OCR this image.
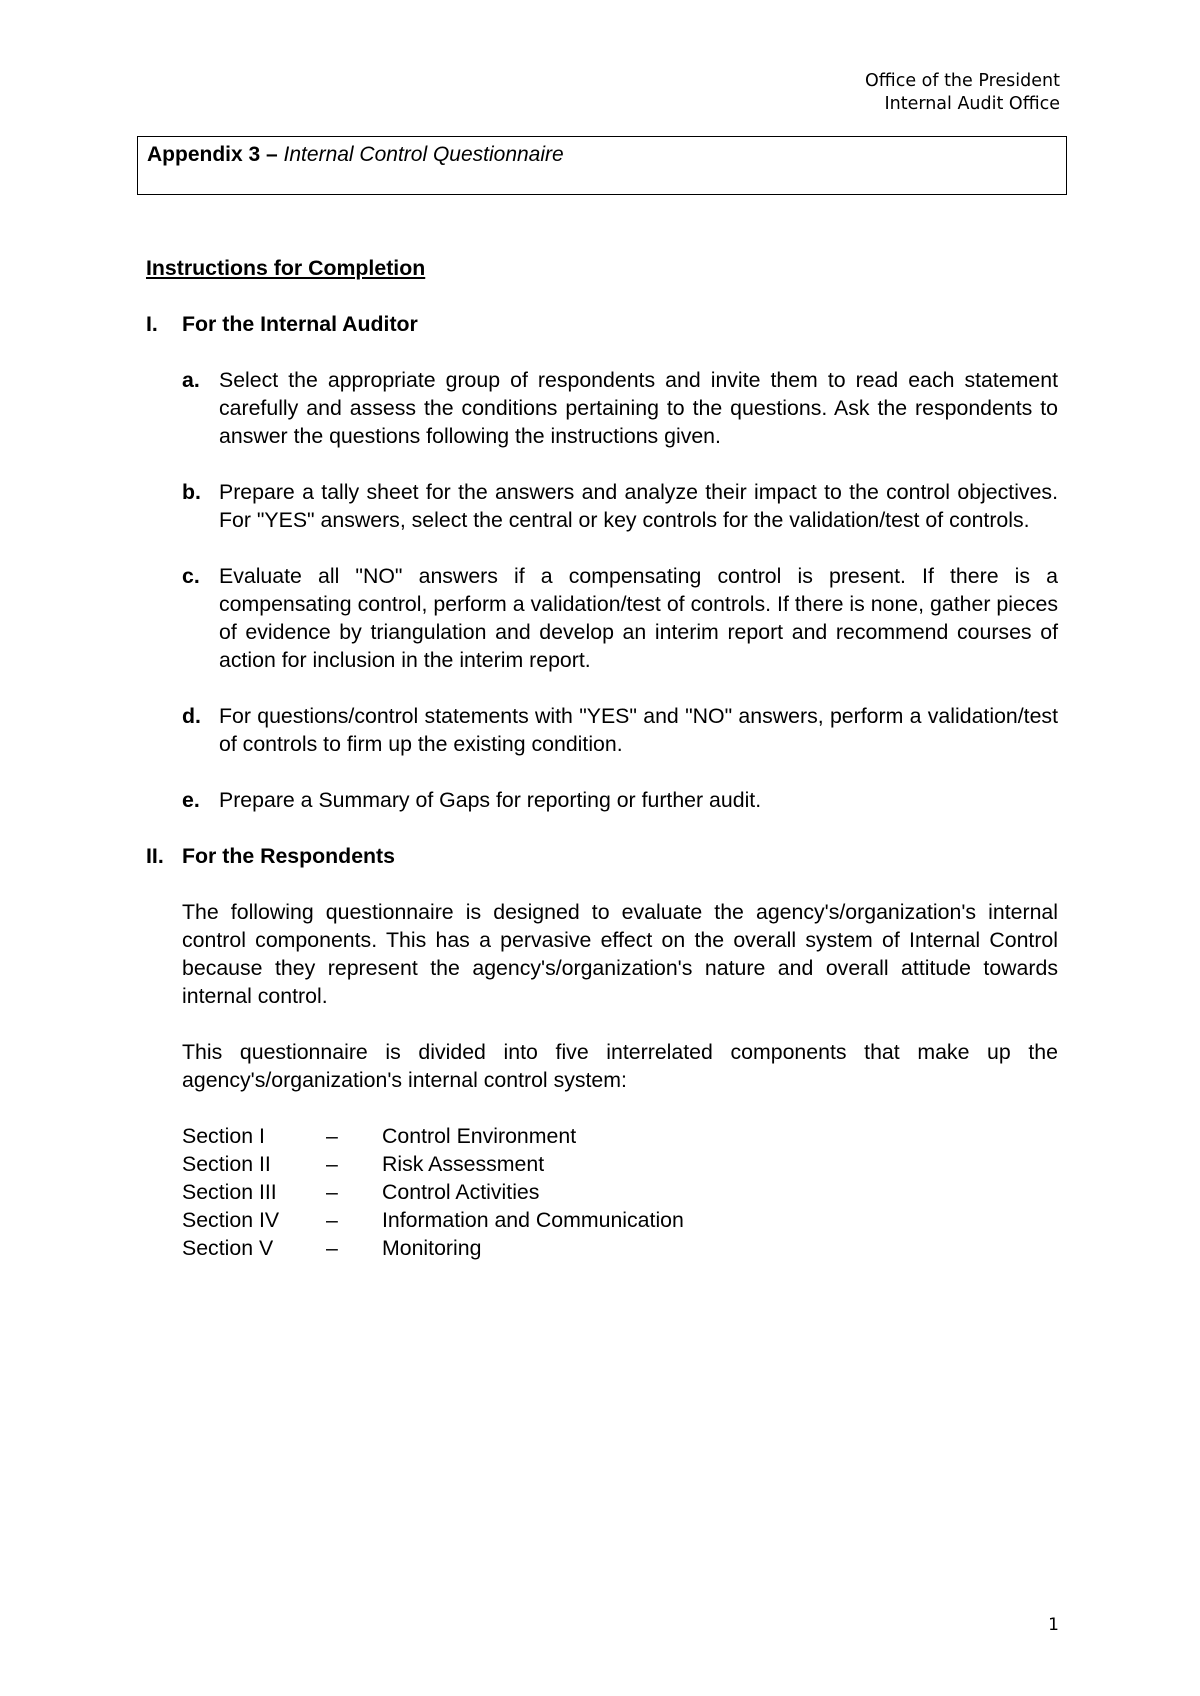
Office of the President
Internal Audit Office
Appendix 3 – Internal Control Questionnaire
Instructions for Completion
I.	For the Internal Auditor
a. Select the appropriate group of respondents and invite them to read each statement carefully and assess the conditions pertaining to the questions. Ask the respondents to answer the questions following the instructions given.
b. Prepare a tally sheet for the answers and analyze their impact to the control objectives. For "YES" answers, select the central or key controls for the validation/test of controls.
c. Evaluate all "NO" answers if a compensating control is present. If there is a compensating control, perform a validation/test of controls. If there is none, gather pieces of evidence by triangulation and develop an interim report and recommend courses of action for inclusion in the interim report.
d. For questions/control statements with "YES" and "NO" answers, perform a validation/test of controls to firm up the existing condition.
e. Prepare a Summary of Gaps for reporting or further audit.
II. For the Respondents
The following questionnaire is designed to evaluate the agency's/organization's internal control components. This has a pervasive effect on the overall system of Internal Control because they represent the agency's/organization's nature and overall attitude towards internal control.
This questionnaire is divided into five interrelated components that make up the agency's/organization's internal control system:
Section I	–	Control Environment
Section II	–	Risk Assessment
Section III	–	Control Activities
Section IV	–	Information and Communication
Section V	–	Monitoring
1
